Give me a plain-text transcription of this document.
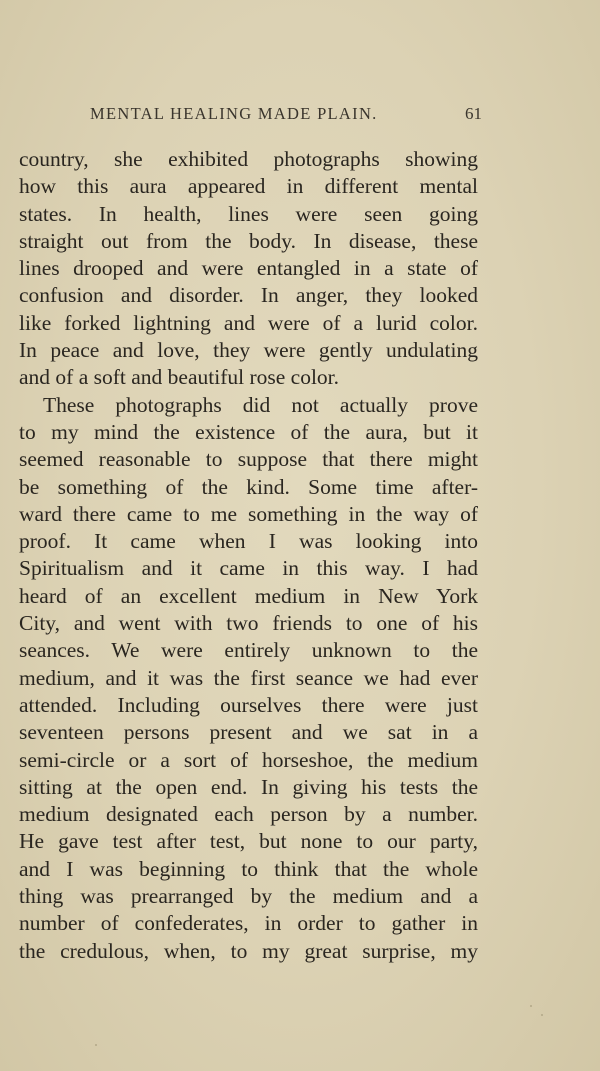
MENTAL HEALING MADE PLAIN.	61
country, she exhibited photographs showing
how this aura appeared in different mental
states. In health, lines were seen going
straight out from the body. In disease, these
lines drooped and were entangled in a state of
confusion and disorder. In anger, they looked
like forked lightning and were of a lurid color.
In peace and love, they were gently undulating
and of a soft and beautiful rose color.
These photographs did not actually prove
to my mind the existence of the aura, but it
seemed reasonable to suppose that there might
be something of the kind. Some time after-
ward there came to me something in the way of
proof. It came when I was looking into
Spiritualism and it came in this way. I had
heard of an excellent medium in New York
City, and went with two friends to one of his
seances. We were entirely unknown to the
medium, and it was the first seance we had ever
attended. Including ourselves there were just
seventeen persons present and we sat in a
semi-circle or a sort of horseshoe, the medium
sitting at the open end. In giving his tests the
medium designated each person by a number.
He gave test after test, but none to our party,
and I was beginning to think that the whole
thing was prearranged by the medium and a
number of confederates, in order to gather in
the credulous, when, to my great surprise, my
